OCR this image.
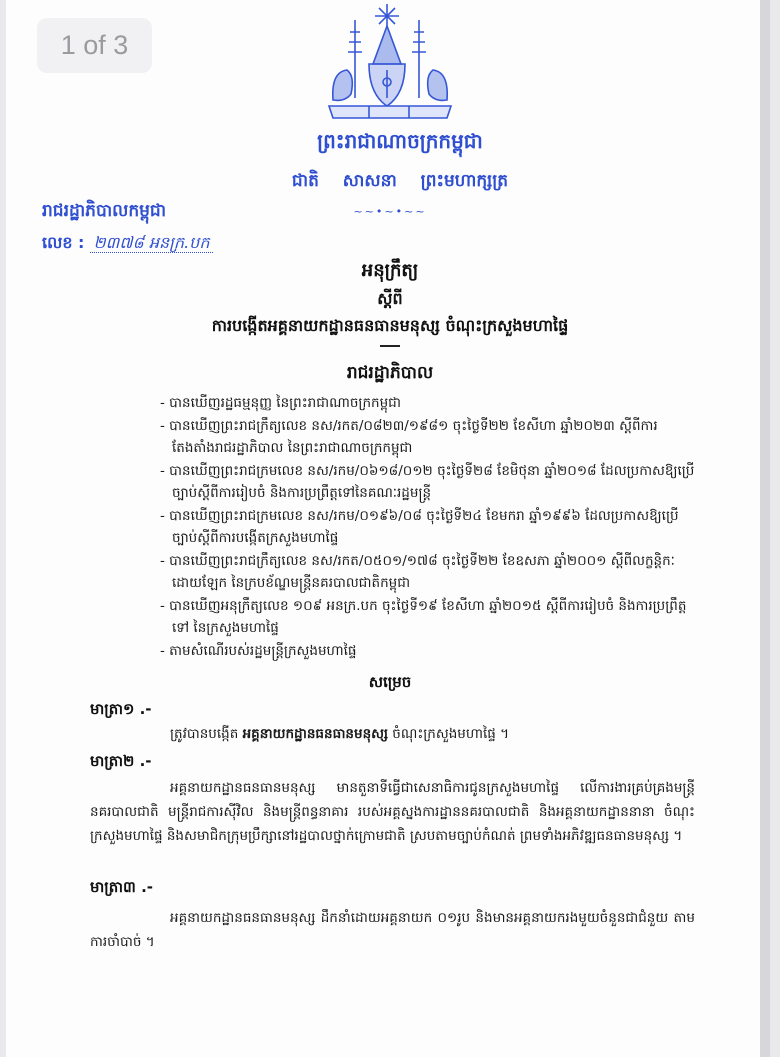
1 of 3
ព្រះរាជាណាចក្រកម្ពុជា
ជាតិ សាសនា ព្រះមហាក្សត្រ
~~•~•~~
រាជរដ្ឋាភិបាលកម្ពុជា
លេខ : ២៣៧៨ អនក្រ.បក
អនុក្រឹត្យ
ស្តីពី
ការបង្កើតអគ្គនាយកដ្ឋានធនធានមនុស្ស ចំណុះក្រសួងមហាផ្ទៃ
រាជរដ្ឋាភិបាល
- បានឃើញរដ្ឋធម្មនុញ្ញ នៃព្រះរាជាណាចក្រកម្ពុជា
- បានឃើញព្រះរាជក្រឹត្យលេខ នស/រកត/០៨២៣/១៩៨១ ចុះថ្ងៃទី២២ ខែសីហា ឆ្នាំ២០២៣ ស្តីពីការតែងតាំងរាជរដ្ឋាភិបាល នៃព្រះរាជាណាចក្រកម្ពុជា
- បានឃើញព្រះរាជក្រមលេខ នស/រកម/០៦១៨/០១២ ចុះថ្ងៃទី២៨ ខែមិថុនា ឆ្នាំ២០១៨ ដែលប្រកាសឱ្យប្រើច្បាប់ស្តីពីការរៀបចំ និងការប្រព្រឹត្តទៅនៃគណៈរដ្ឋមន្ត្រី
- បានឃើញព្រះរាជក្រមលេខ នស/រកម/០១៩៦/០៨ ចុះថ្ងៃទី២៤ ខែមករា ឆ្នាំ១៩៩៦ ដែលប្រកាសឱ្យប្រើច្បាប់ស្តីពីការបង្កើតក្រសួងមហាផ្ទៃ
- បានឃើញព្រះរាជក្រឹត្យលេខ នស/រកត/០៥០១/១៧៨ ចុះថ្ងៃទី២២ ខែឧសភា ឆ្នាំ២០០១ ស្តីពីលក្ខន្តិកៈដោយឡែក នៃក្របខ័ណ្ឌមន្ត្រីនគរបាលជាតិកម្ពុជា
- បានឃើញអនុក្រឹត្យលេខ ១០៩ អនក្រ.បក ចុះថ្ងៃទី១៩ ខែសីហា ឆ្នាំ២០១៥ ស្តីពីការរៀបចំ និងការប្រព្រឹត្តទៅ នៃក្រសួងមហាផ្ទៃ
- តាមសំណើរបស់រដ្ឋមន្ត្រីក្រសួងមហាផ្ទៃ
សម្រេច
មាត្រា១ .-
ត្រូវបានបង្កើត អគ្គនាយកដ្ឋានធនធានមនុស្ស ចំណុះក្រសួងមហាផ្ទៃ ។
មាត្រា២ .-
អគ្គនាយកដ្ឋានធនធានមនុស្ស មានតួនាទីធ្វើជាសេនាធិការជូនក្រសួងមហាផ្ទៃ លើការងារគ្រប់គ្រងមន្ត្រីនគរបាលជាតិ មន្ត្រីរាជការស៊ីវិល និងមន្ត្រីពន្ធនាគារ របស់អគ្គស្នងការដ្ឋាននគរបាលជាតិ និងអគ្គនាយកដ្ឋាននានា ចំណុះក្រសួងមហាផ្ទៃ និងសមាជិកក្រុមប្រឹក្សានៅរដ្ឋបាលថ្នាក់ក្រោមជាតិ ស្របតាមច្បាប់កំណត់ ព្រមទាំងអភិវឌ្ឍធនធានមនុស្ស ។
មាត្រា៣ .-
អគ្គនាយកដ្ឋានធនធានមនុស្ស ដឹកនាំដោយអគ្គនាយក ០១រូប និងមានអគ្គនាយករងមួយចំនួនជាជំនួយ តាមការចាំបាច់ ។
